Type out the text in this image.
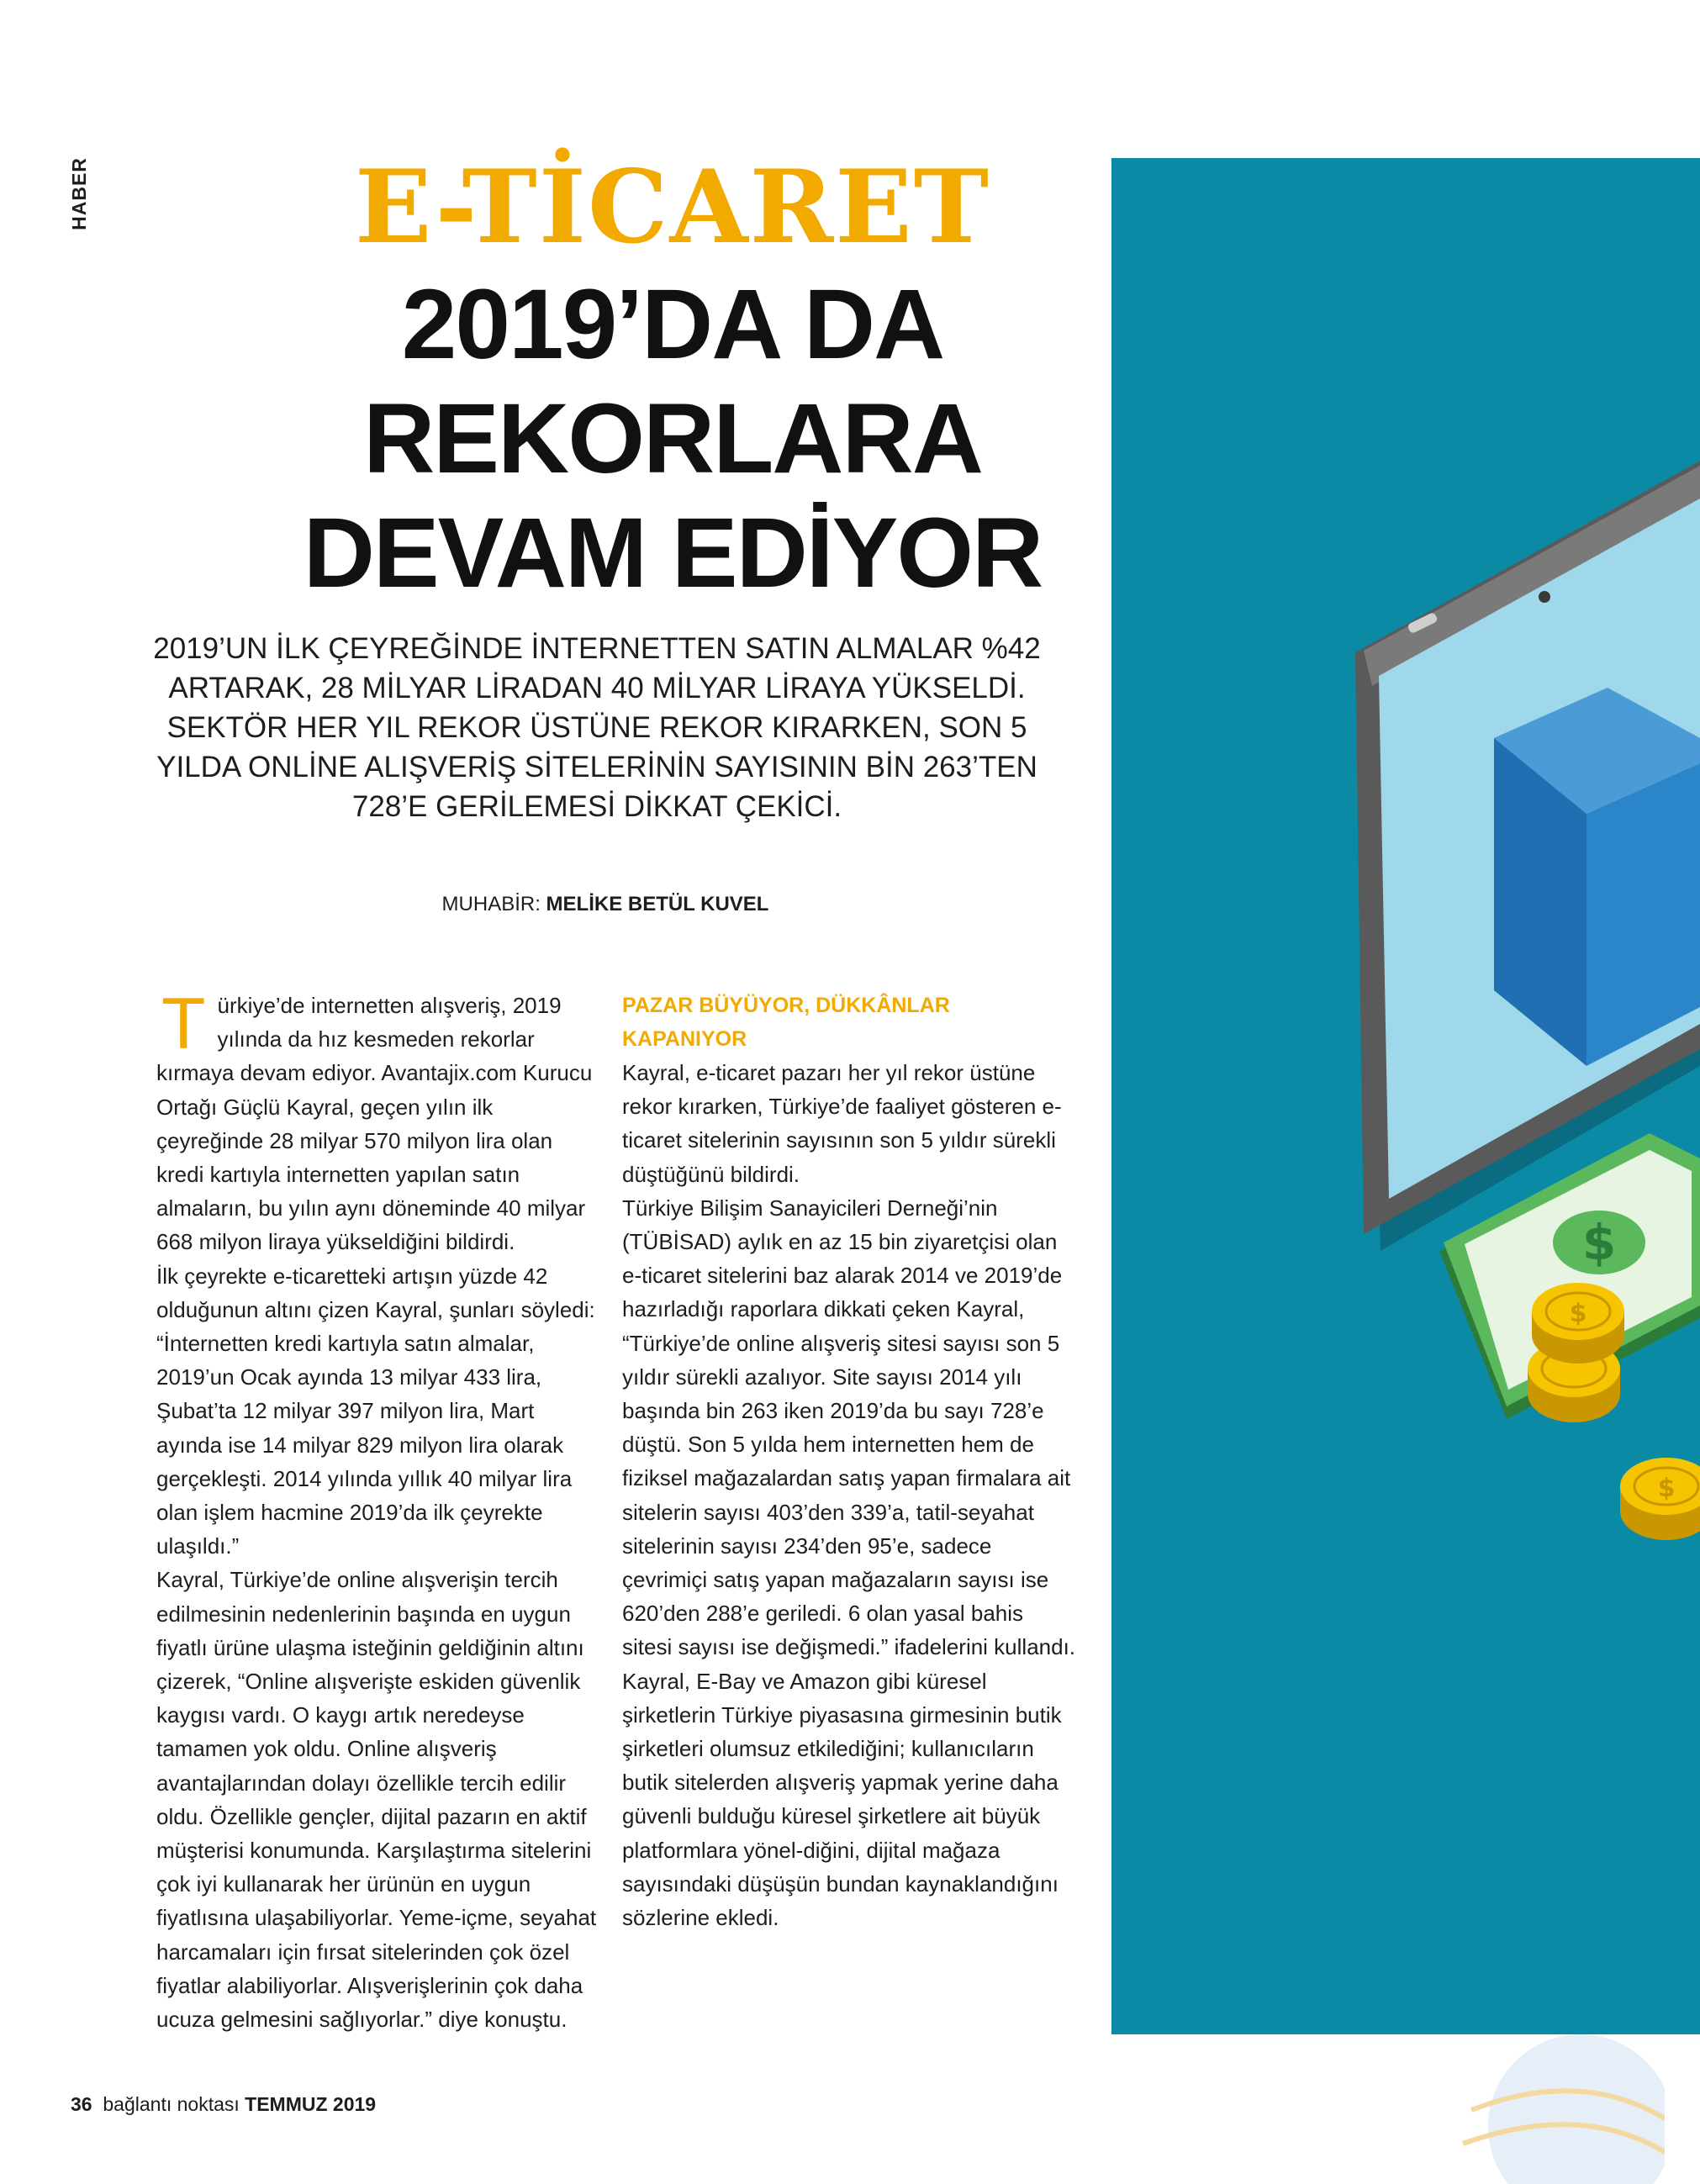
HABER	E-TİCARET
2019’DA DA
REKORLARA
DEVAM EDİYOR
2019’UN İLK ÇEYREĞİNDE İNTERNETTEN SATIN ALMALAR %42 ARTARAK, 28 MİLYAR LİRADAN 40 MİLYAR LİRAYA YÜKSELDİ. SEKTÖR HER YIL REKOR ÜSTÜNE REKOR KIRARKEN, SON 5 YILDA ONLİNE ALIŞVERİŞ SİTELERİNİN SAYISININ BİN 263’TEN 728’E GERİLEMESİ DİKKAT ÇEKİCİ.
MUHABİR: MELİKE BETÜL KUVEL

Türkiye’de internetten alışveriş, 2019 yılında da hız kesmeden rekorlar kırmaya devam ediyor. Avantajix.com Kurucu Ortağı Güçlü Kayral, geçen yılın ilk çeyreğinde 28 milyar 570 milyon lira olan kredi kartıyla internetten yapılan satın almaların, bu yılın aynı döneminde 40 milyar 668 milyon liraya yükseldiğini bildirdi.

İlk çeyrekte e-ticaretteki artışın yüzde 42 olduğunun altını çizen Kayral, şunları söyledi: “İnternetten kredi kartıyla satın almalar, 2019’un Ocak ayında 13 milyar 433 lira, Şubat’ta 12 milyar 397 milyon lira, Mart ayında ise 14 milyar 829 milyon lira olarak gerçekleşti. 2014 yılında yıllık 40 milyar lira olan işlem hacmine 2019’da ilk çeyrekte ulaşıldı.”

Kayral, Türkiye’de online alışverişin tercih edilmesinin nedenlerinin başında en uygun fiyatlı ürüne ulaşma isteğinin geldiğinin altını çizerek, “Online alışverişte eskiden güvenlik kaygısı vardı. O kaygı artık neredeyse tamamen yok oldu. Online alışveriş avantajlarından dolayı özellikle tercih edilir oldu. Özellikle gençler, dijital pazarın en aktif müşterisi konumunda. Karşılaştırma sitelerini çok iyi kullanarak her ürünün en uygun fiyatlısına ulaşabiliyorlar. Yeme-içme, seyahat harcamaları için fırsat sitelerinden çok özel fiyatlar alabiliyorlar. Alışverişlerinin çok daha ucuza gelmesini sağlıyorlar.” diye konuştu.

PAZAR BÜYÜYOR, DÜKKÂNLAR KAPANIYOR

Kayral, e-ticaret pazarı her yıl rekor üstüne rekor kırarken, Türkiye’de faaliyet gösteren e-ticaret sitelerinin sayısının son 5 yıldır sürekli düştüğünü bildirdi.

Türkiye Bilişim Sanayicileri Derneği’nin (TÜBİSAD) aylık en az 15 bin ziyaretçisi olan e-ticaret sitelerini baz alarak 2014 ve 2019’de hazırladığı raporlara dikkati çeken Kayral, “Türkiye’de online alışveriş sitesi sayısı son 5 yıldır sürekli azalıyor. Site sayısı 2014 yılı başında bin 263 iken 2019’da bu sayı 728’e düştü. Son 5 yılda hem internetten hem de fiziksel mağazalardan satış yapan firmalara ait sitelerin sayısı 403’den 339’a, tatil-seyahat sitelerinin sayısı 234’den 95’e, sadece çevrimiçi satış yapan mağazaların sayısı ise 620’den 288’e geriledi. 6 olan yasal bahis sitesi sayısı ise değişmedi.” ifadelerini kullandı.

Kayral, E-Bay ve Amazon gibi küresel şirketlerin Türkiye piyasasına girmesinin butik şirketleri olumsuz etkilediğini; kullanıcıların butik sitelerden alışveriş yapmak yerine daha güvenli bulduğu küresel şirketlere ait büyük platformlara yönel-diğini, dijital mağaza sayısındaki düşüşün bundan kaynaklandığını sözlerine ekledi.

$
$
$
36 bağlantı noktası TEMMUZ 2019
